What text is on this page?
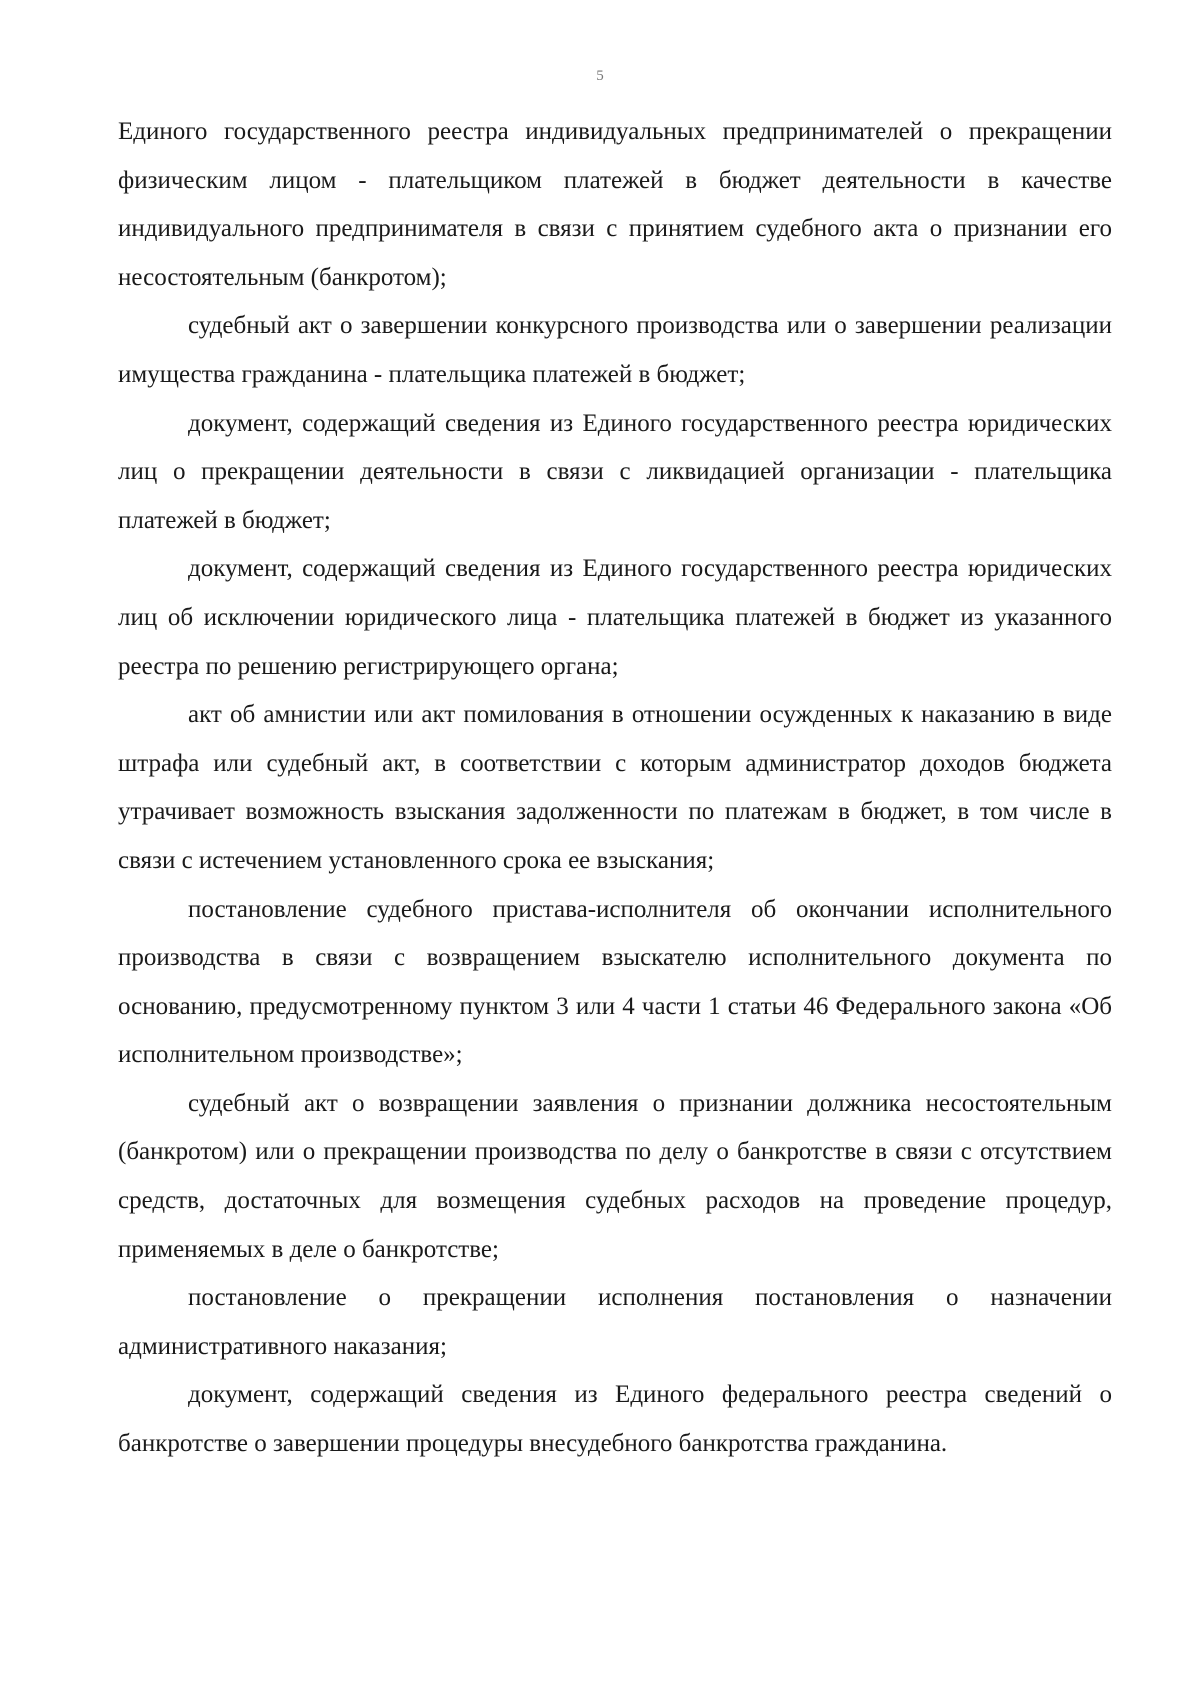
5

Единого государственного реестра индивидуальных предпринимателей о прекращении физическим лицом - плательщиком платежей в бюджет деятельности в качестве индивидуального предпринимателя в связи с принятием судебного акта о признании его несостоятельным (банкротом);

судебный акт о завершении конкурсного производства или о завершении реализации имущества гражданина - плательщика платежей в бюджет;

документ, содержащий сведения из Единого государственного реестра юридических лиц о прекращении деятельности в связи с ликвидацией организации - плательщика платежей в бюджет;

документ, содержащий сведения из Единого государственного реестра юридических лиц об исключении юридического лица - плательщика платежей в бюджет из указанного реестра по решению регистрирующего органа;

акт об амнистии или акт помилования в отношении осужденных к наказанию в виде штрафа или судебный акт, в соответствии с которым администратор доходов бюджета утрачивает возможность взыскания задолженности по платежам в бюджет, в том числе в связи с истечением установленного срока ее взыскания;

постановление судебного пристава-исполнителя об окончании исполнительного производства в связи с возвращением взыскателю исполнительного документа по основанию, предусмотренному пунктом 3 или 4 части 1 статьи 46 Федерального закона «Об исполнительном производстве»;

судебный акт о возвращении заявления о признании должника несостоятельным (банкротом) или о прекращении производства по делу о банкротстве в связи с отсутствием средств, достаточных для возмещения судебных расходов на проведение процедур, применяемых в деле о банкротстве;

постановление о прекращении исполнения постановления о назначении административного наказания;

документ, содержащий сведения из Единого федерального реестра сведений о банкротстве о завершении процедуры внесудебного банкротства гражданина.
